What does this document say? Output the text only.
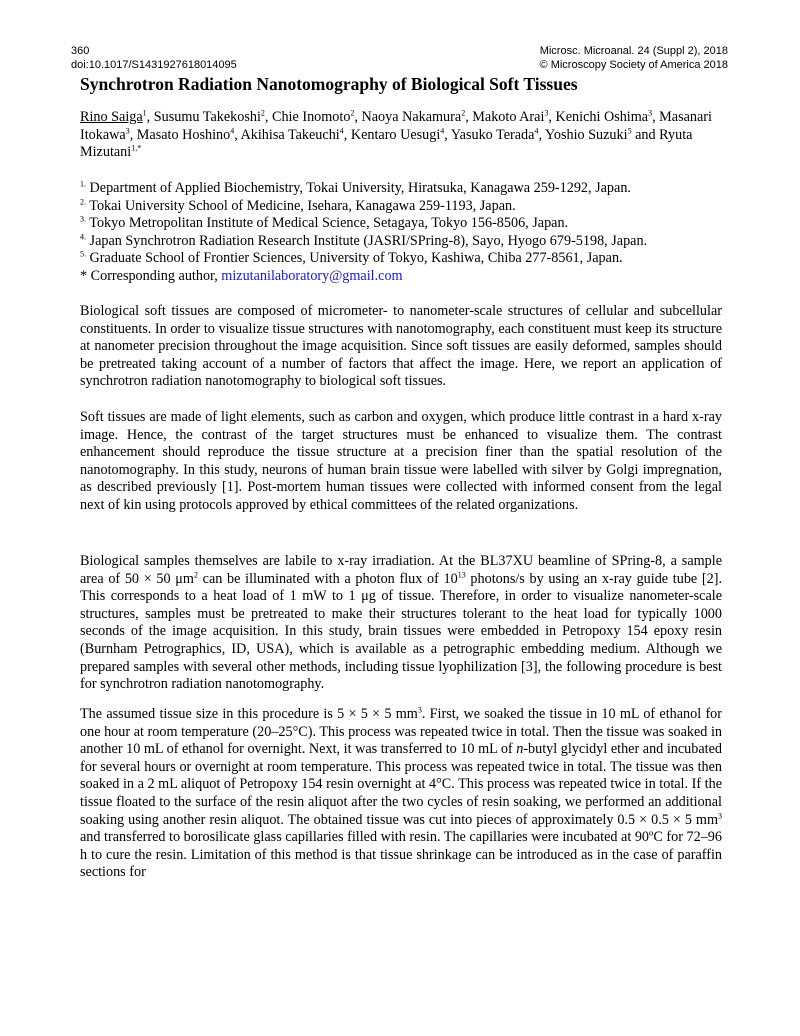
360	Microsc. Microanal. 24 (Suppl 2), 2018
doi:10.1017/S1431927618014095	© Microscopy Society of America 2018
Synchrotron Radiation Nanotomography of Biological Soft Tissues
Rino Saiga$^1$, Susumu Takekoshi$^2$, Chie Inomoto$^2$, Naoya Nakamura$^2$, Makoto Arai$^3$, Kenichi Oshima$^3$, Masanari Itokawa$^3$, Masato Hoshino$^4$, Akihisa Takeuchi$^4$, Kentaro Uesugi$^4$, Yasuko Terada$^4$, Yoshio Suzuki$^5$ and Ryuta Mizutani$^{1,*}$
$^{1.}$ Department of Applied Biochemistry, Tokai University, Hiratsuka, Kanagawa 259-1292, Japan.
$^{2.}$ Tokai University School of Medicine, Isehara, Kanagawa 259-1193, Japan.
$^{3.}$ Tokyo Metropolitan Institute of Medical Science, Setagaya, Tokyo 156-8506, Japan.
$^{4.}$ Japan Synchrotron Radiation Research Institute (JASRI/SPring-8), Sayo, Hyogo 679-5198, Japan.
$^{5.}$ Graduate School of Frontier Sciences, University of Tokyo, Kashiwa, Chiba 277-8561, Japan.
* Corresponding author, mizutanilaboratory@gmail.com

Biological soft tissues are composed of micrometer- to nanometer-scale structures of cellular and subcellular constituents. In order to visualize tissue structures with nanotomography, each constituent must keep its structure at nanometer precision throughout the image acquisition. Since soft tissues are easily deformed, samples should be pretreated taking account of a number of factors that affect the image. Here, we report an application of synchrotron radiation nanotomography to biological soft tissues.

Soft tissues are made of light elements, such as carbon and oxygen, which produce little contrast in a hard x-ray image. Hence, the contrast of the target structures must be enhanced to visualize them. The contrast enhancement should reproduce the tissue structure at a precision finer than the spatial resolution of the nanotomography. In this study, neurons of human brain tissue were labelled with silver by Golgi impregnation, as described previously [1]. Post-mortem human tissues were collected with informed consent from the legal next of kin using protocols approved by ethical committees of the related organizations.

Biological samples themselves are labile to x-ray irradiation. At the BL37XU beamline of SPring-8, a sample area of 50 × 50 $\mu m^2$ can be illuminated with a photon flux of $10^{13}$ photons/s by using an x-ray guide tube [2]. This corresponds to a heat load of 1 mW to 1 μg of tissue. Therefore, in order to visualize nanometer-scale structures, samples must be pretreated to make their structures tolerant to the heat load for typically 1000 seconds of the image acquisition. In this study, brain tissues were embedded in Petropoxy 154 epoxy resin (Burnham Petrographics, ID, USA), which is available as a petrographic embedding medium. Although we prepared samples with several other methods, including tissue lyophilization [3], the following procedure is best for synchrotron radiation nanotomography.

The assumed tissue size in this procedure is 5 × 5 × 5 $mm^3$. First, we soaked the tissue in 10 mL of ethanol for one hour at room temperature (20–25°C). This process was repeated twice in total. Then the tissue was soaked in another 10 mL of ethanol for overnight. Next, it was transferred to 10 mL of n-butyl glycidyl ether and incubated for several hours or overnight at room temperature. This process was repeated twice in total. The tissue was then soaked in a 2 mL aliquot of Petropoxy 154 resin overnight at 4°C. This process was repeated twice in total. If the tissue floated to the surface of the resin aliquot after the two cycles of resin soaking, we performed an additional soaking using another resin aliquot. The obtained tissue was cut into pieces of approximately 0.5 × 0.5 × 5 $mm^3$ and transferred to borosilicate glass capillaries filled with resin. The capillaries were incubated at 90ºC for 72–96 h to cure the resin. Limitation of this method is that tissue shrinkage can be introduced as in the case of paraffin sections for
